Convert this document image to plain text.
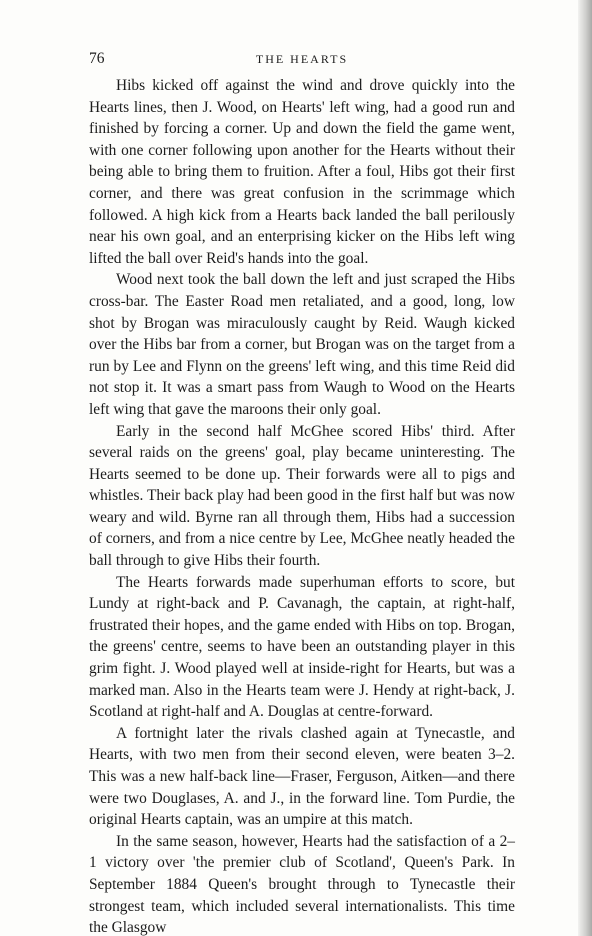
76	THE HEARTS

Hibs kicked off against the wind and drove quickly into the Hearts lines, then J. Wood, on Hearts' left wing, had a good run and finished by forcing a corner. Up and down the field the game went, with one corner following upon another for the Hearts without their being able to bring them to fruition. After a foul, Hibs got their first corner, and there was great confusion in the scrimmage which followed. A high kick from a Hearts back landed the ball perilously near his own goal, and an enterprising kicker on the Hibs left wing lifted the ball over Reid's hands into the goal.

Wood next took the ball down the left and just scraped the Hibs cross-bar. The Easter Road men retaliated, and a good, long, low shot by Brogan was miraculously caught by Reid. Waugh kicked over the Hibs bar from a corner, but Brogan was on the target from a run by Lee and Flynn on the greens' left wing, and this time Reid did not stop it. It was a smart pass from Waugh to Wood on the Hearts left wing that gave the maroons their only goal.

Early in the second half McGhee scored Hibs' third. After several raids on the greens' goal, play became uninteresting. The Hearts seemed to be done up. Their forwards were all to pigs and whistles. Their back play had been good in the first half but was now weary and wild. Byrne ran all through them, Hibs had a succession of corners, and from a nice centre by Lee, McGhee neatly headed the ball through to give Hibs their fourth.

The Hearts forwards made superhuman efforts to score, but Lundy at right-back and P. Cavanagh, the captain, at right-half, frustrated their hopes, and the game ended with Hibs on top. Brogan, the greens' centre, seems to have been an outstanding player in this grim fight. J. Wood played well at inside-right for Hearts, but was a marked man. Also in the Hearts team were J. Hendy at right-back, J. Scotland at right-half and A. Douglas at centre-forward.

A fortnight later the rivals clashed again at Tynecastle, and Hearts, with two men from their second eleven, were beaten 3–2. This was a new half-back line—Fraser, Ferguson, Aitken—and there were two Douglases, A. and J., in the forward line. Tom Purdie, the original Hearts captain, was an umpire at this match.

In the same season, however, Hearts had the satisfaction of a 2–1 victory over 'the premier club of Scotland', Queen's Park. In September 1884 Queen's brought through to Tynecastle their strongest team, which included several internationalists. This time the Glasgow
